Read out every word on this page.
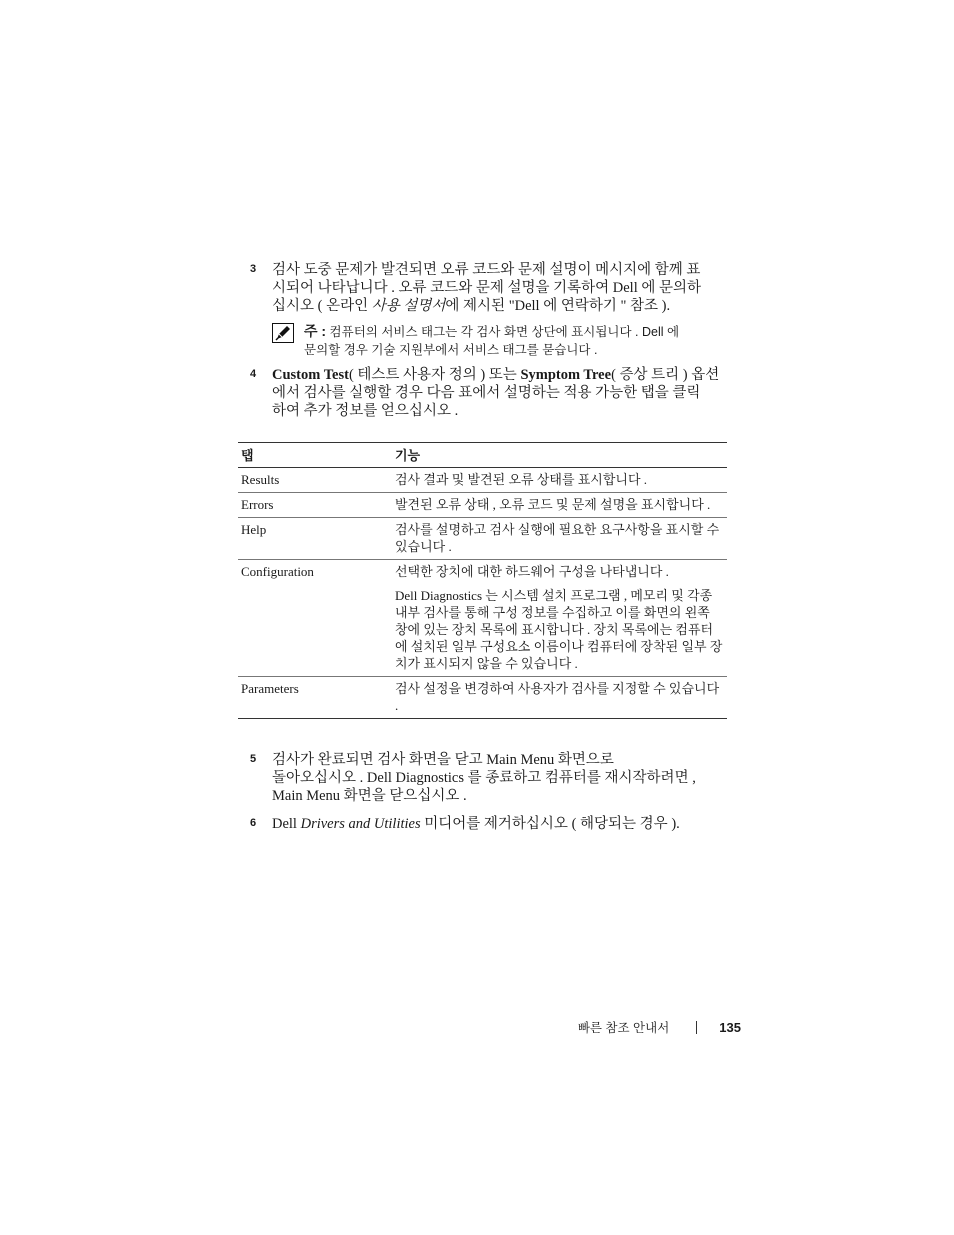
3 검사 도중 문제가 발견되면 오류 코드와 문제 설명이 메시지에 함께 표
시되어 나타납니다 . 오류 코드와 문제 설명을 기록하여 Dell 에 문의하
십시오 ( 온라인 사용 설명서에 제시된 "Dell 에 연락하기 " 참조 ).
주 : 컴퓨터의 서비스 태그는 각 검사 화면 상단에 표시됩니다 . Dell 에
문의할 경우 기술 지원부에서 서비스 태그를 묻습니다 .
4 Custom Test( 테스트 사용자 정의 ) 또는 Symptom Tree( 증상 트리 ) 옵션
에서 검사를 실행할 경우 다음 표에서 설명하는 적용 가능한 탭을 클릭
하여 추가 정보를 얻으십시오 .
탭	기능
Results	검사 결과 및 발견된 오류 상태를 표시합니다 .

Errors	발견된 오류 상태 , 오류 코드 및 문제 설명을 표시합니다 .

Help	검사를 설명하고 검사 실행에 필요한 요구사항을 표시할 수 있습니다 .

Configuration	선택한 장치에 대한 하드웨어 구성을 나타냅니다 .

Dell Diagnostics 는 시스템 설치 프로그램 , 메모리 및 각종 내부 검사를 통해 구성 정보를 수집하고 이를 화면의 왼쪽 창에 있는 장치 목록에 표시합니다 . 장치 목록에는 컴퓨터에 설치된 일부 구성요소 이름이나 컴퓨터에 장착된 일부 장치가 표시되지 않을 수 있습니다 .

Parameters	검사 설정을 변경하여 사용자가 검사를 지정할 수 있습니다 .

5 검사가 완료되면 검사 화면을 닫고 Main Menu 화면으로
돌아오십시오 . Dell Diagnostics 를 종료하고 컴퓨터를 재시작하려면 ,
Main Menu 화면을 닫으십시오 .
6 Dell Drivers and Utilities 미디어를 제거하십시오 ( 해당되는 경우 ).
빠른 참조 안내서	135
